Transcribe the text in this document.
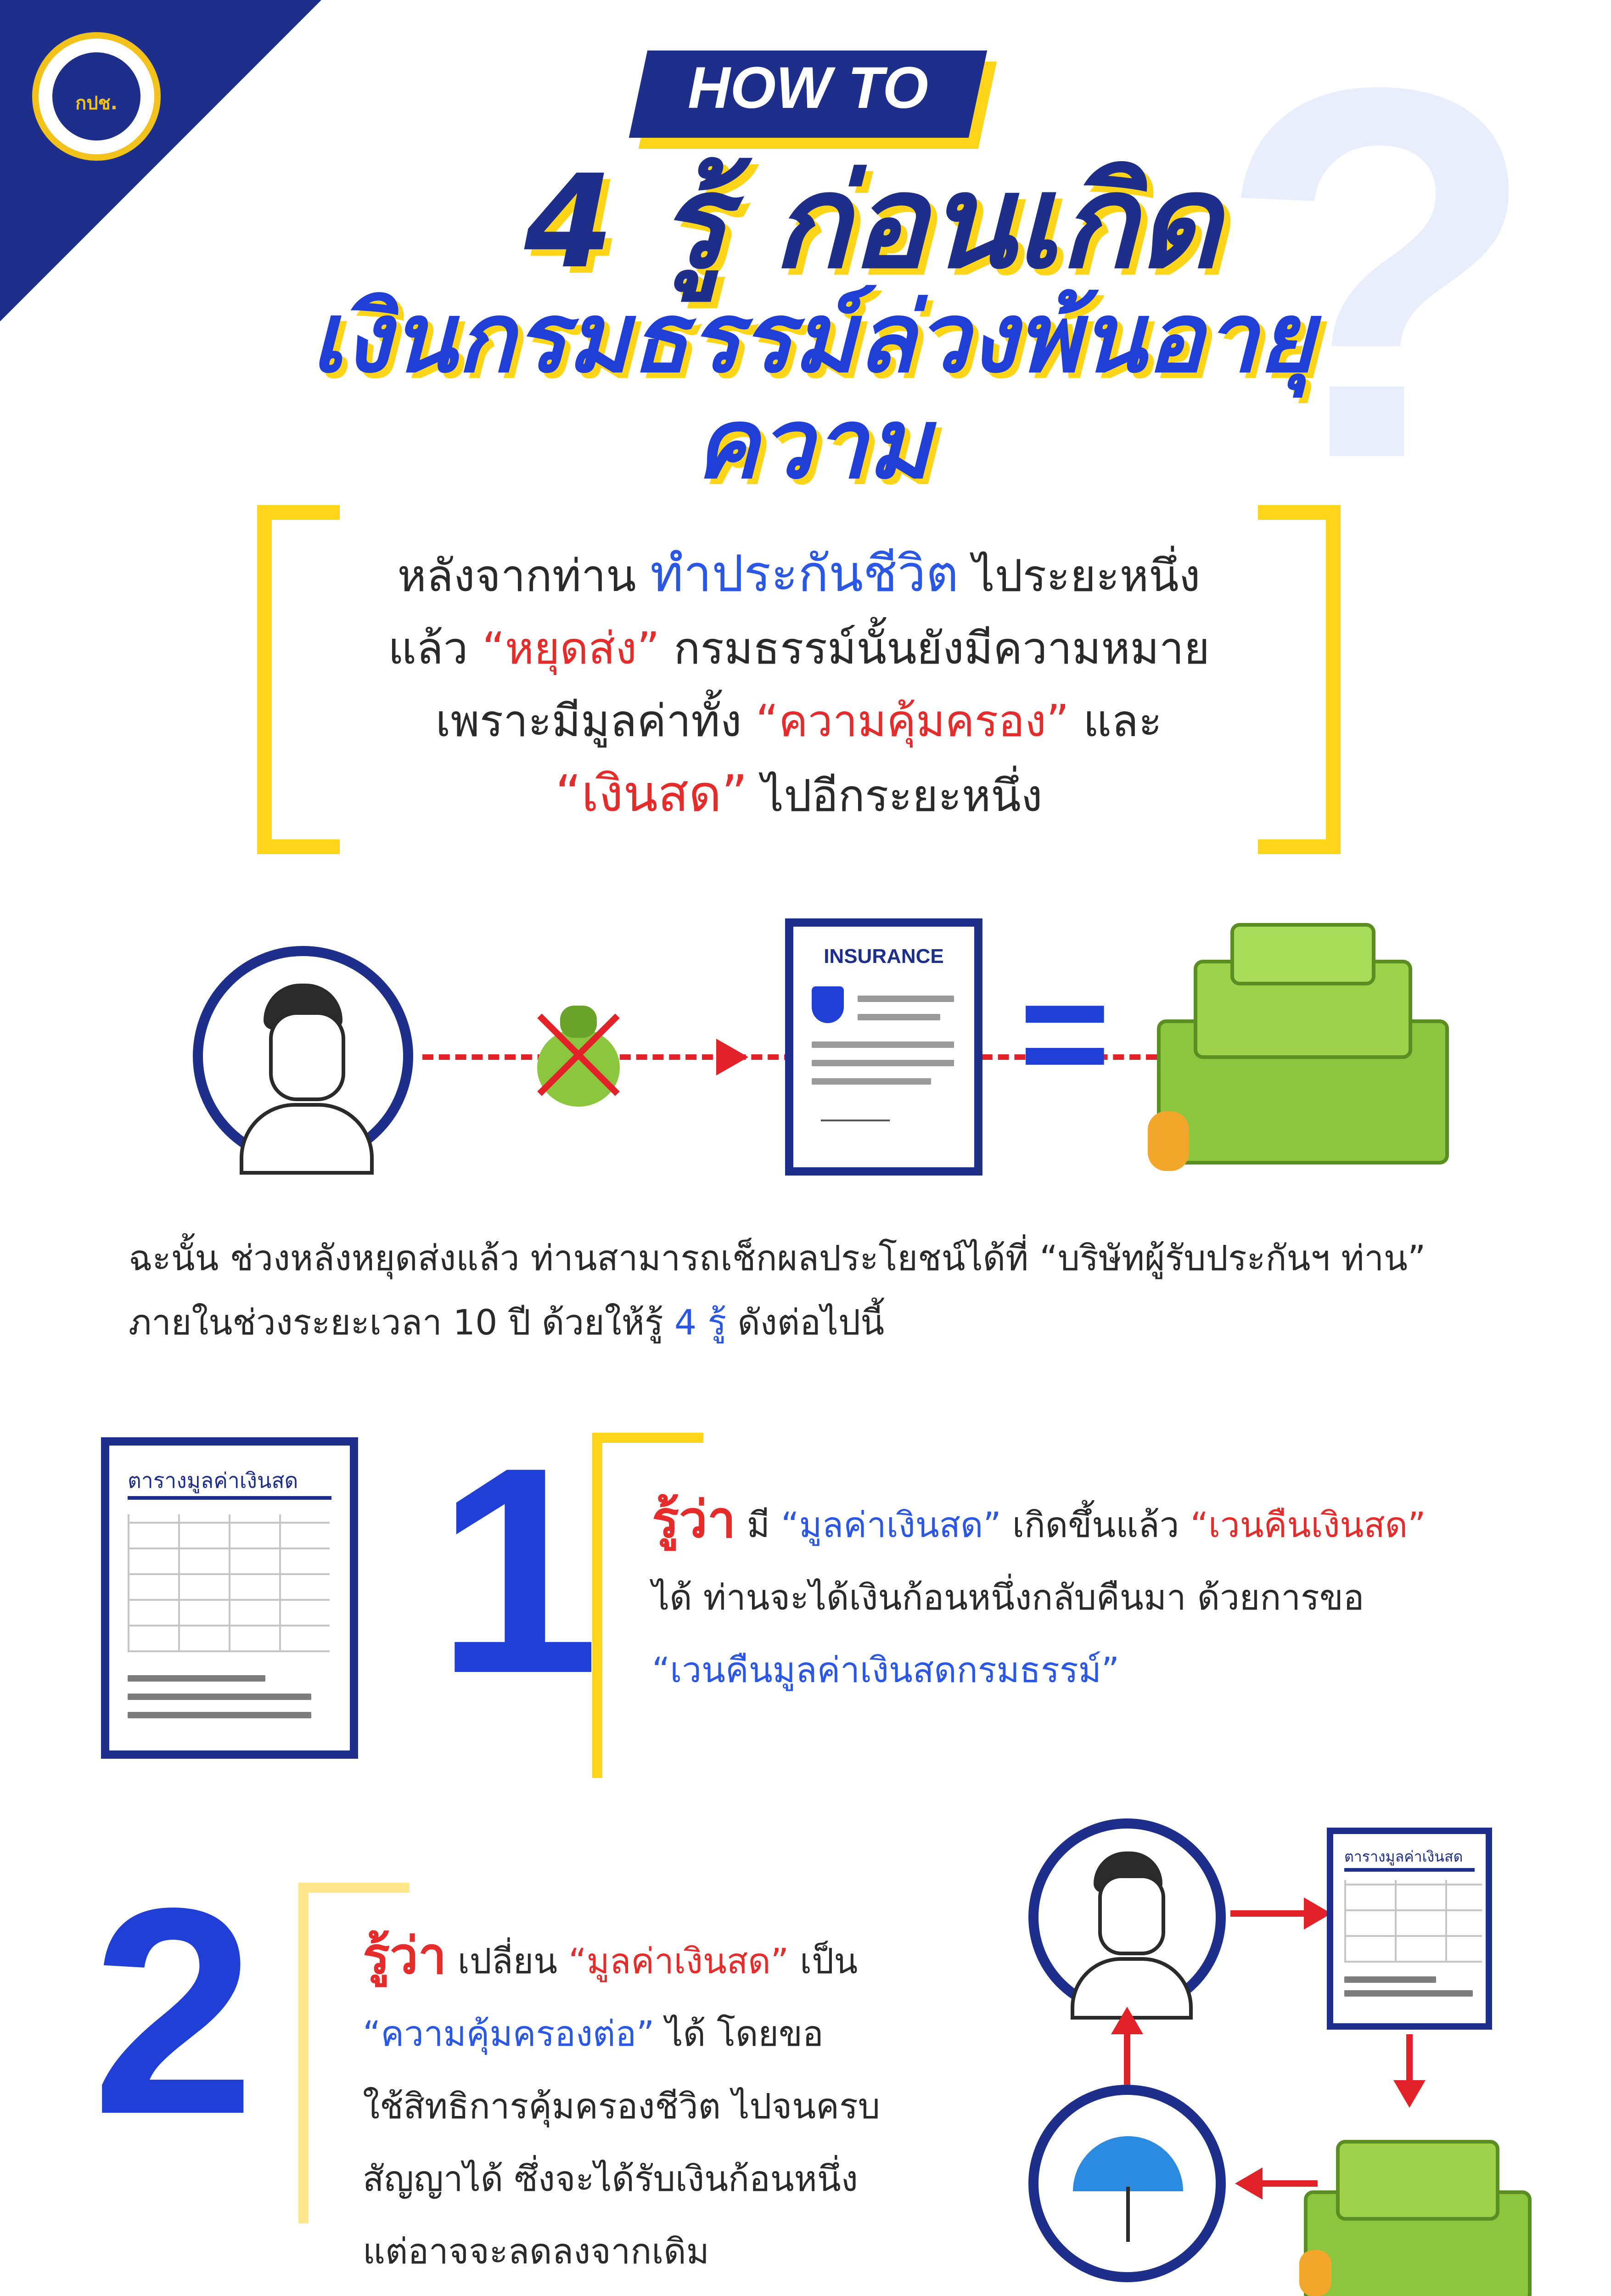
กปช. ?
HOW TO
4 รู้ ก่อนเกิด
เงินกรมธรรม์ล่วงพ้นอายุความ
หลังจากท่าน ทำประกันชีวิต ไประยะหนึ่ง
แล้ว “หยุดส่ง” กรมธรรม์นั้นยังมีความหมาย
เพราะมีมูลค่าทั้ง “ความคุ้มครอง” และ
“เงินสด” ไปอีกระยะหนึ่ง
INSURANCE =
ฉะนั้น ช่วงหลังหยุดส่งแล้ว ท่านสามารถเช็กผลประโยชน์ได้ที่ “บริษัทผู้รับประกันฯ ท่าน”
ภายในช่วงระยะเวลา 10 ปี ด้วยให้รู้ 4 รู้ ดังต่อไปนี้
ตารางมูลค่าเงินสด 1 รู้ว่า มี “มูลค่าเงินสด” เกิดขึ้นแล้ว “เวนคืนเงินสด”
ได้ ท่านจะได้เงินก้อนหนึ่งกลับคืนมา ด้วยการขอ
“เวนคืนมูลค่าเงินสดกรมธรรม์”
2 รู้ว่า เปลี่ยน “มูลค่าเงินสด” เป็น
“ความคุ้มครองต่อ” ได้ โดยขอ
ใช้สิทธิการคุ้มครองชีวิต ไปจนครบ
สัญญาได้ ซึ่งจะได้รับเงินก้อนหนึ่ง
แต่อาจจะลดลงจากเดิม
ตารางมูลค่าเงินสด
